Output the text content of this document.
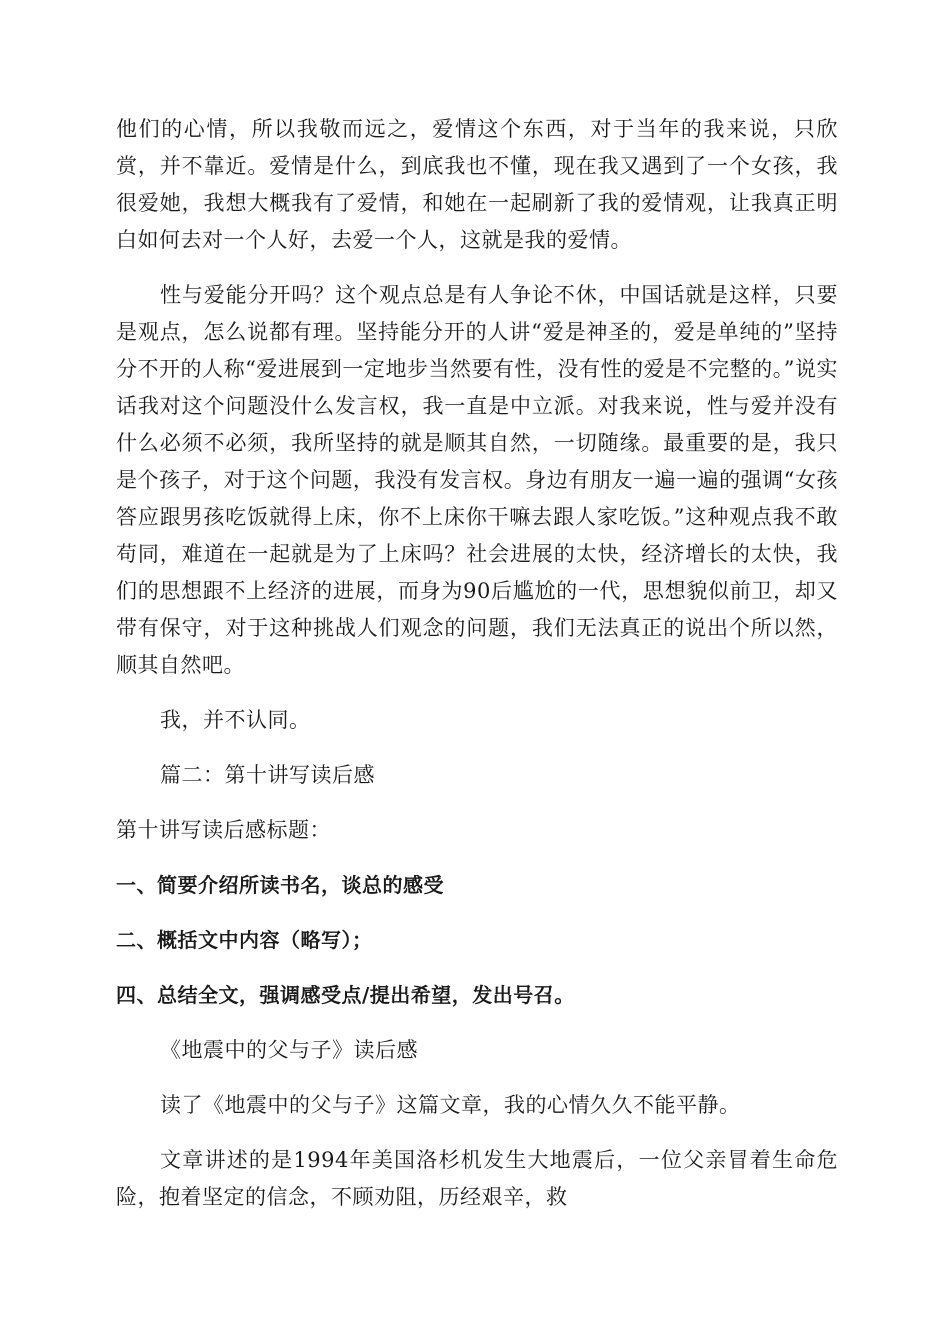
他们的心情，所以我敬而远之，爱情这个东西，对于当年的我来说，只欣赏，并不靠近。爱情是什么，到底我也不懂，现在我又遇到了一个女孩，我很爱她，我想大概我有了爱情，和她在一起刷新了我的爱情观，让我真正明白如何去对一个人好，去爱一个人，这就是我的爱情。

性与爱能分开吗？这个观点总是有人争论不休，中国话就是这样，只要是观点，怎么说都有理。坚持能分开的人讲“爱是神圣的，爱是单纯的”坚持分不开的人称“爱进展到一定地步当然要有性，没有性的爱是不完整的。”说实话我对这个问题没什么发言权，我一直是中立派。对我来说，性与爱并没有什么必须不必须，我所坚持的就是顺其自然，一切随缘。最重要的是，我只是个孩子，对于这个问题，我没有发言权。身边有朋友一遍一遍的强调“女孩答应跟男孩吃饭就得上床，你不上床你干嘛去跟人家吃饭。”这种观点我不敢苟同，难道在一起就是为了上床吗？社会进展的太快，经济增长的太快，我们的思想跟不上经济的进展，而身为90后尴尬的一代，思想貌似前卫，却又带有保守，对于这种挑战人们观念的问题，我们无法真正的说出个所以然，顺其自然吧。

我，并不认同。

篇二：第十讲写读后感

第十讲写读后感标题：

一、简要介绍所读书名，谈总的感受

二、概括文中内容（略写）；

四、总结全文，强调感受点/提出希望，发出号召。

《地震中的父与子》读后感

读了《地震中的父与子》这篇文章，我的心情久久不能平静。

文章讲述的是1994年美国洛杉机发生大地震后，一位父亲冒着生命危险，抱着坚定的信念，不顾劝阻，历经艰辛，救
